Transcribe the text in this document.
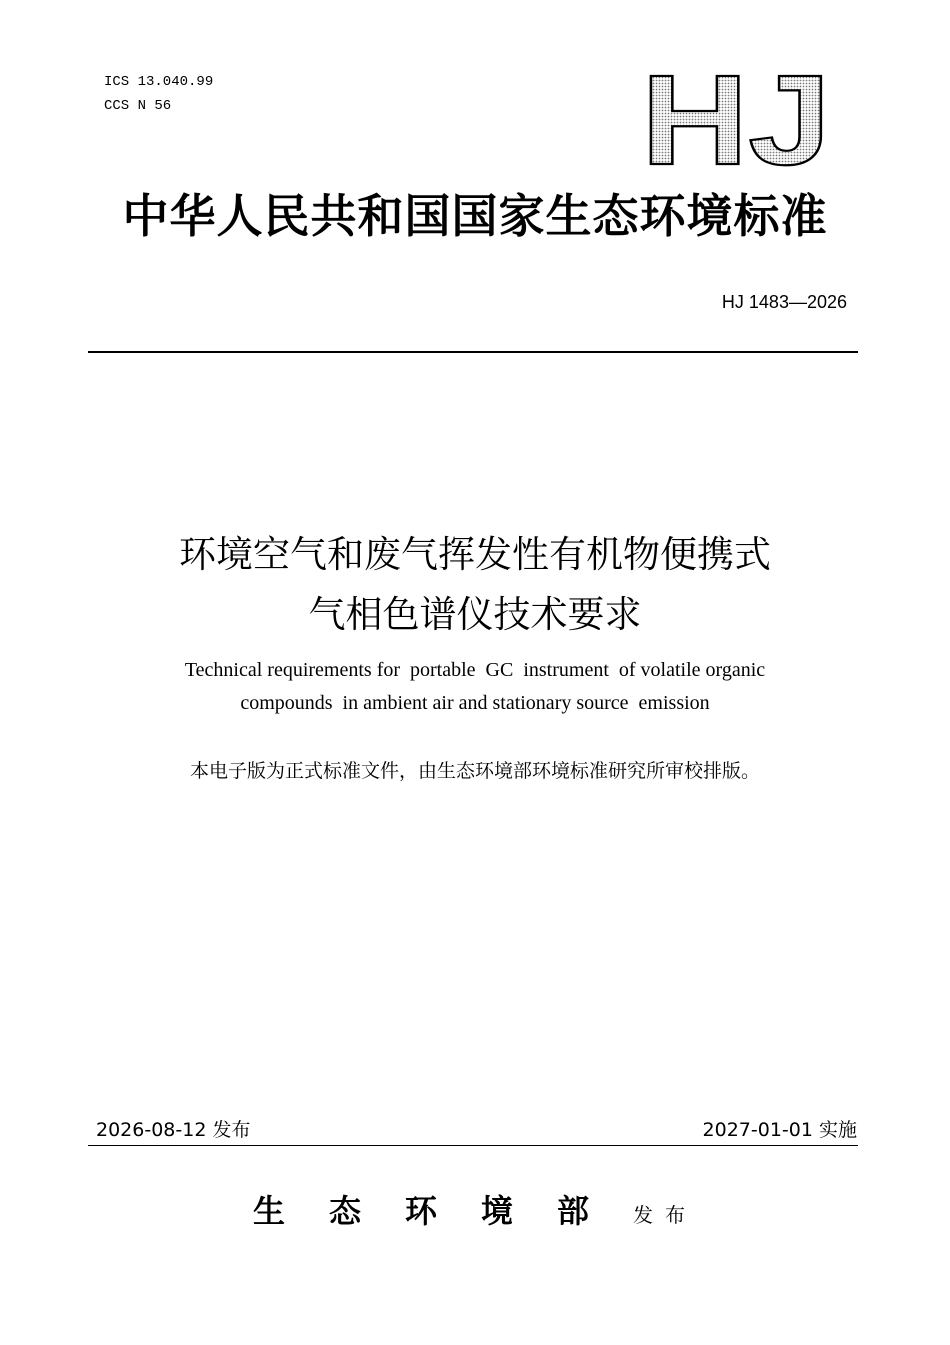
ICS 13.040.99
CCS N 56	HJ
中华人民共和国国家生态环境标准
HJ 1483—2026
环境空气和废气挥发性有机物便携式
气相色谱仪技术要求
Technical requirements for  portable  GC  instrument  of volatile organic
compounds  in ambient air and stationary source  emission
本电子版为正式标准文件，由生态环境部环境标准研究所审校排版。
2026-08-12 发布	2027-01-01 实施
生态环境部发布
